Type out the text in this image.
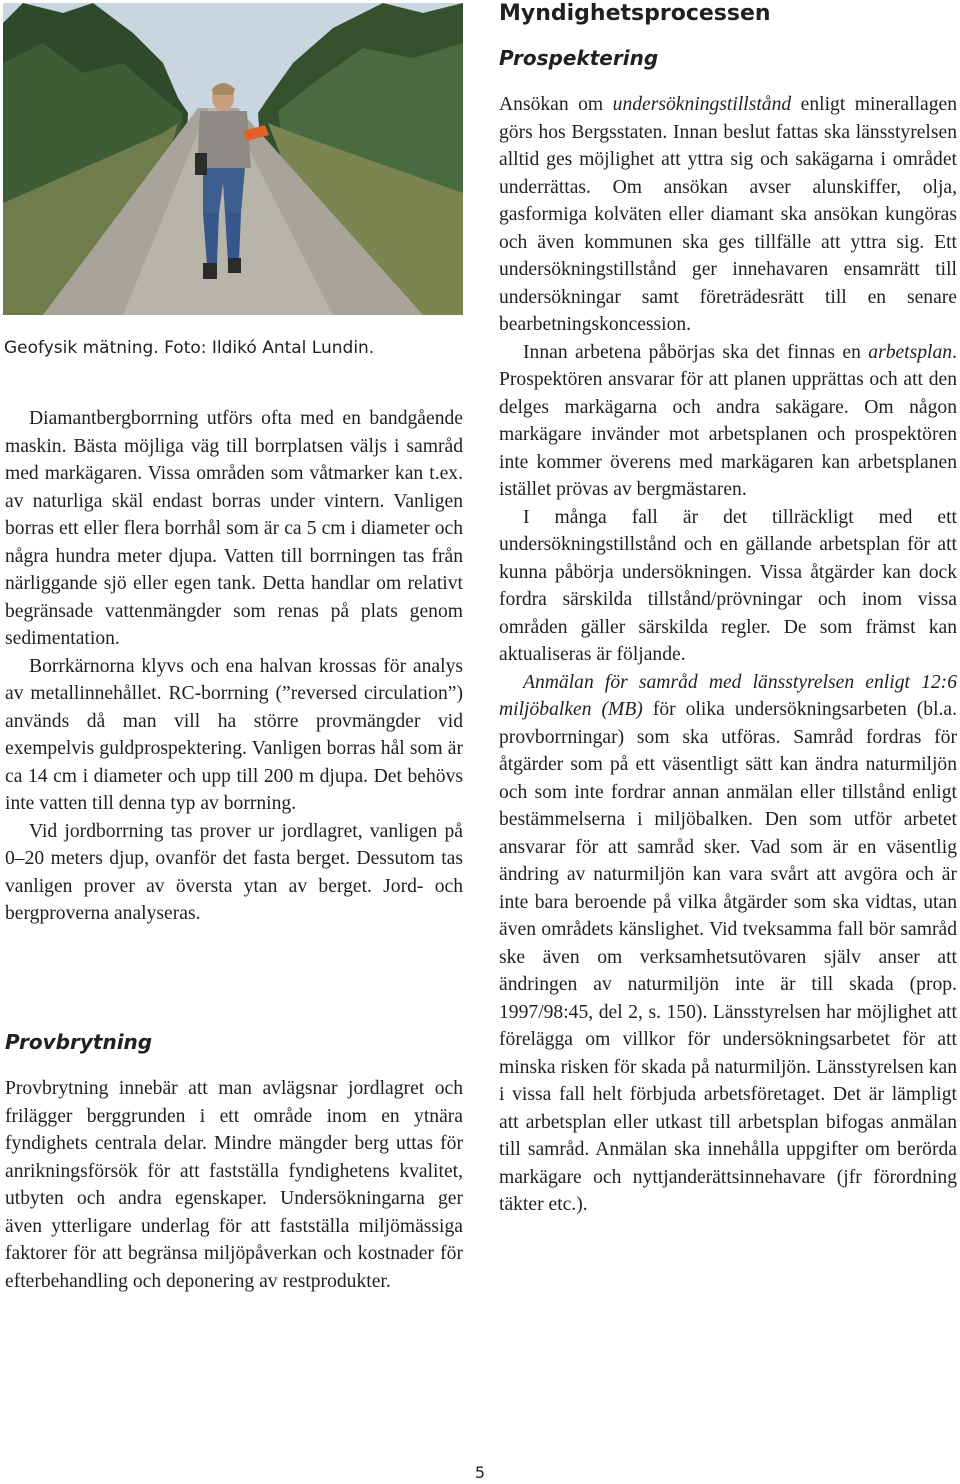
Geofysik mätning. Foto: Ildikó Antal Lundin.

Diamantbergborrning utförs ofta med en bandgående maskin. Bästa möjliga väg till borrplatsen väljs i samråd med markägaren. Vissa områden som våtmarker kan t.ex. av naturliga skäl endast borras under vintern. Vanligen borras ett eller flera borrhål som är ca 5 cm i diameter och några hundra meter djupa. Vatten till borrningen tas från närliggande sjö eller egen tank. Detta handlar om relativt begränsade vattenmängder som renas på plats genom sedimentation.

Borrkärnorna klyvs och ena halvan krossas för analys av metallinnehållet. RC-borrning (”reversed circulation”) används då man vill ha större provmängder vid exempelvis guldprospektering. Vanligen borras hål som är ca 14 cm i diameter och upp till 200 m djupa. Det behövs inte vatten till denna typ av borrning.

Vid jordborrning tas prover ur jordlagret, vanligen på 0–20 meters djup, ovanför det fasta berget. Dessutom tas vanligen prover av översta ytan av berget. Jord- och bergproverna analyseras.

Provbrytning

Provbrytning innebär att man avlägsnar jordlagret och frilägger berggrunden i ett område inom en ytnära fyndighets centrala delar. Mindre mängder berg uttas för anrikningsförsök för att fastställa fyndighetens kvalitet, utbyten och andra egenskaper. Undersökningarna ger även ytterligare underlag för att fastställa miljömässiga faktorer för att begränsa miljöpåverkan och kostnader för efterbehandling och deponering av restprodukter.

Myndighetsprocessen
Prospektering

Ansökan om undersökningstillstånd enligt minerallagen görs hos Bergsstaten. Innan beslut fattas ska länsstyrelsen alltid ges möjlighet att yttra sig och sakägarna i området underrättas. Om ansökan avser alunskiffer, olja, gasformiga kolväten eller diamant ska ansökan kungöras och även kommunen ska ges tillfälle att yttra sig. Ett undersökningstillstånd ger innehavaren ensamrätt till undersökningar samt företrädesrätt till en senare bearbetningskoncession.

Innan arbetena påbörjas ska det finnas en arbetsplan. Prospektören ansvarar för att planen upprättas och att den delges markägarna och andra sakägare. Om någon markägare invänder mot arbetsplanen och prospektören inte kommer överens med markägaren kan arbetsplanen istället prövas av bergmästaren.

I många fall är det tillräckligt med ett undersökningstillstånd och en gällande arbetsplan för att kunna påbörja undersökningen. Vissa åtgärder kan dock fordra särskilda tillstånd/prövningar och inom vissa områden gäller särskilda regler. De som främst kan aktualiseras är följande.

Anmälan för samråd med länsstyrelsen enligt 12:6 miljöbalken (MB) för olika undersökningsarbeten (bl.a. provborrningar) som ska utföras. Samråd fordras för åtgärder som på ett väsentligt sätt kan ändra naturmiljön och som inte fordrar annan anmälan eller tillstånd enligt bestämmelserna i miljöbalken. Den som utför arbetet ansvarar för att samråd sker. Vad som är en väsentlig ändring av naturmiljön kan vara svårt att avgöra och är inte bara beroende på vilka åtgärder som ska vidtas, utan även områdets känslighet. Vid tveksamma fall bör samråd ske även om verksamhetsutövaren själv anser att ändringen av naturmiljön inte är till skada (prop. 1997/98:45, del 2, s. 150). Länsstyrelsen har möjlighet att förelägga om villkor för undersökningsarbetet för att minska risken för skada på naturmiljön. Länsstyrelsen kan i vissa fall helt förbjuda arbetsföretaget. Det är lämpligt att arbetsplan eller utkast till arbetsplan bifogas anmälan till samråd. Anmälan ska innehålla uppgifter om berörda markägare och nyttjanderättsinnehavare (jfr förordning täkter etc.).

5
